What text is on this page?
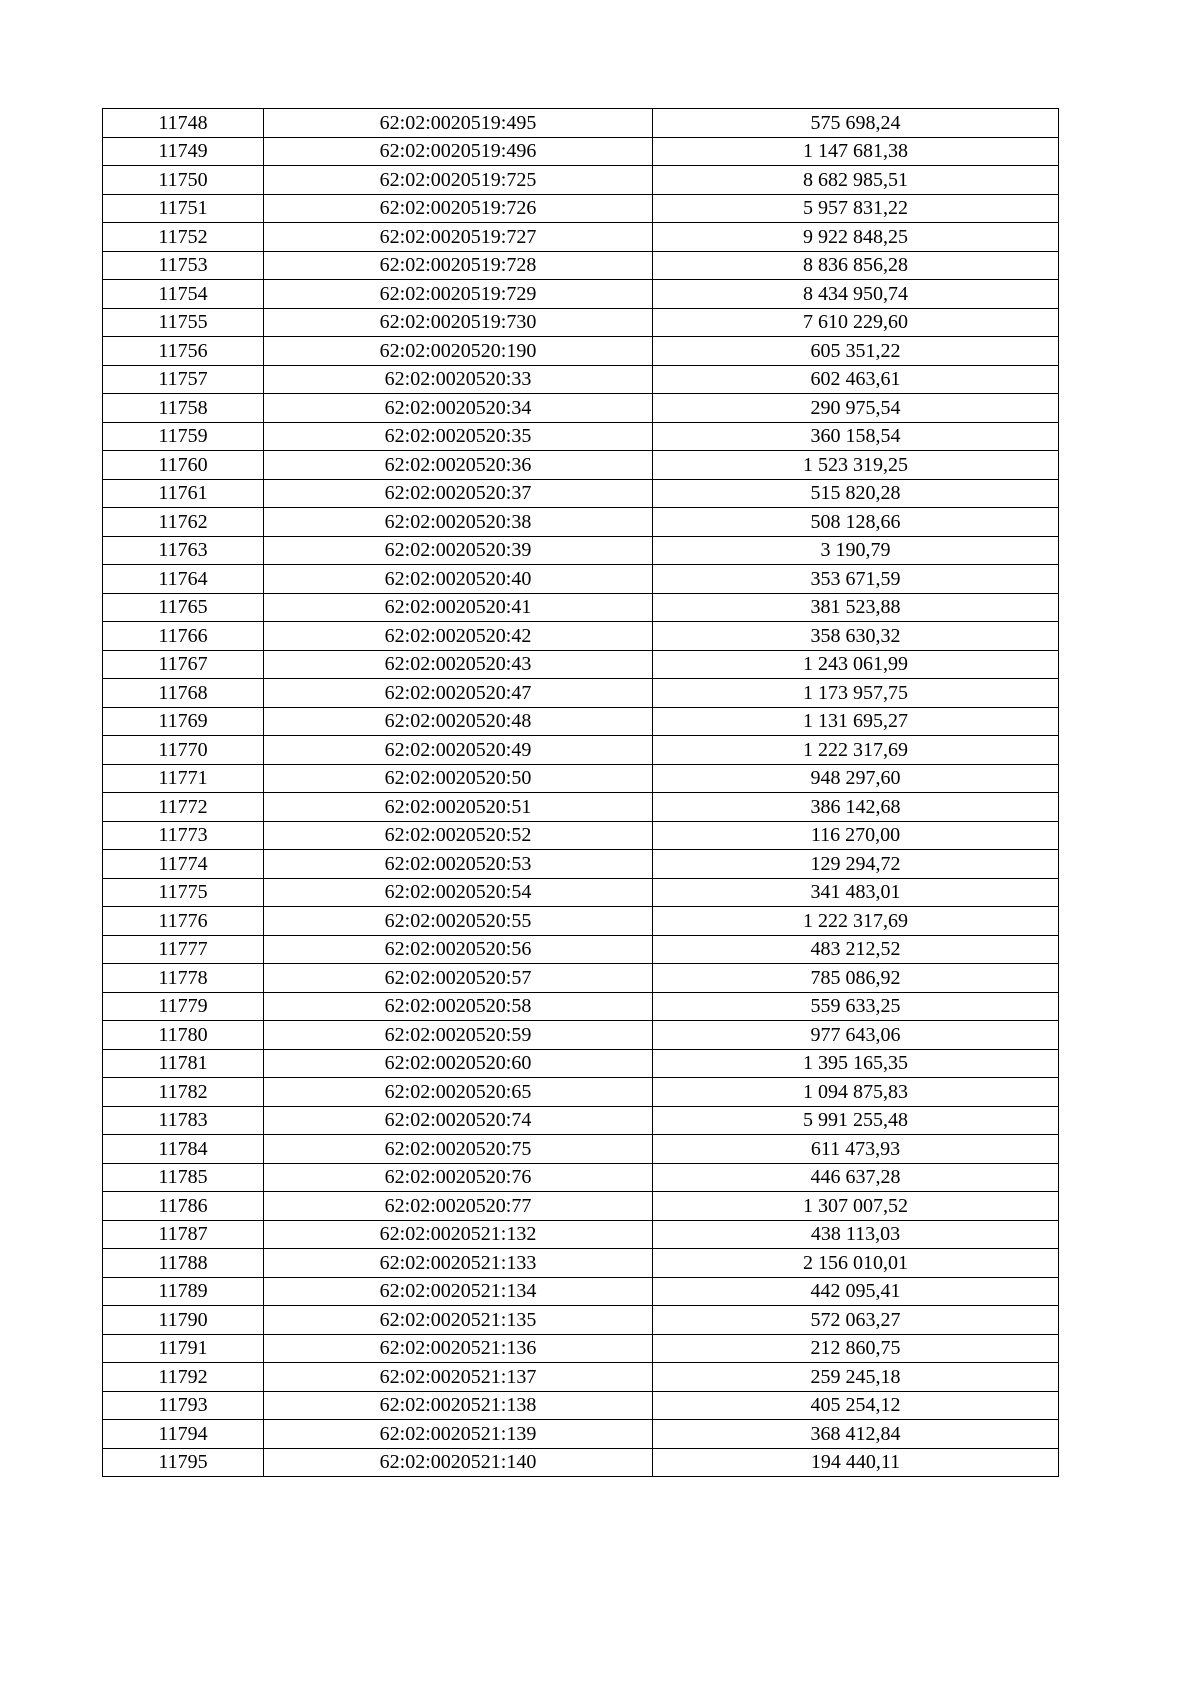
11748	62:02:0020519:495	575 698,24
11749	62:02:0020519:496	1 147 681,38
11750	62:02:0020519:725	8 682 985,51
11751	62:02:0020519:726	5 957 831,22
11752	62:02:0020519:727	9 922 848,25
11753	62:02:0020519:728	8 836 856,28
11754	62:02:0020519:729	8 434 950,74
11755	62:02:0020519:730	7 610 229,60
11756	62:02:0020520:190	605 351,22
11757	62:02:0020520:33	602 463,61
11758	62:02:0020520:34	290 975,54
11759	62:02:0020520:35	360 158,54
11760	62:02:0020520:36	1 523 319,25
11761	62:02:0020520:37	515 820,28
11762	62:02:0020520:38	508 128,66
11763	62:02:0020520:39	3 190,79
11764	62:02:0020520:40	353 671,59
11765	62:02:0020520:41	381 523,88
11766	62:02:0020520:42	358 630,32
11767	62:02:0020520:43	1 243 061,99
11768	62:02:0020520:47	1 173 957,75
11769	62:02:0020520:48	1 131 695,27
11770	62:02:0020520:49	1 222 317,69
11771	62:02:0020520:50	948 297,60
11772	62:02:0020520:51	386 142,68
11773	62:02:0020520:52	116 270,00
11774	62:02:0020520:53	129 294,72
11775	62:02:0020520:54	341 483,01
11776	62:02:0020520:55	1 222 317,69
11777	62:02:0020520:56	483 212,52
11778	62:02:0020520:57	785 086,92
11779	62:02:0020520:58	559 633,25
11780	62:02:0020520:59	977 643,06
11781	62:02:0020520:60	1 395 165,35
11782	62:02:0020520:65	1 094 875,83
11783	62:02:0020520:74	5 991 255,48
11784	62:02:0020520:75	611 473,93
11785	62:02:0020520:76	446 637,28
11786	62:02:0020520:77	1 307 007,52
11787	62:02:0020521:132	438 113,03
11788	62:02:0020521:133	2 156 010,01
11789	62:02:0020521:134	442 095,41
11790	62:02:0020521:135	572 063,27
11791	62:02:0020521:136	212 860,75
11792	62:02:0020521:137	259 245,18
11793	62:02:0020521:138	405 254,12
11794	62:02:0020521:139	368 412,84
11795	62:02:0020521:140	194 440,11
